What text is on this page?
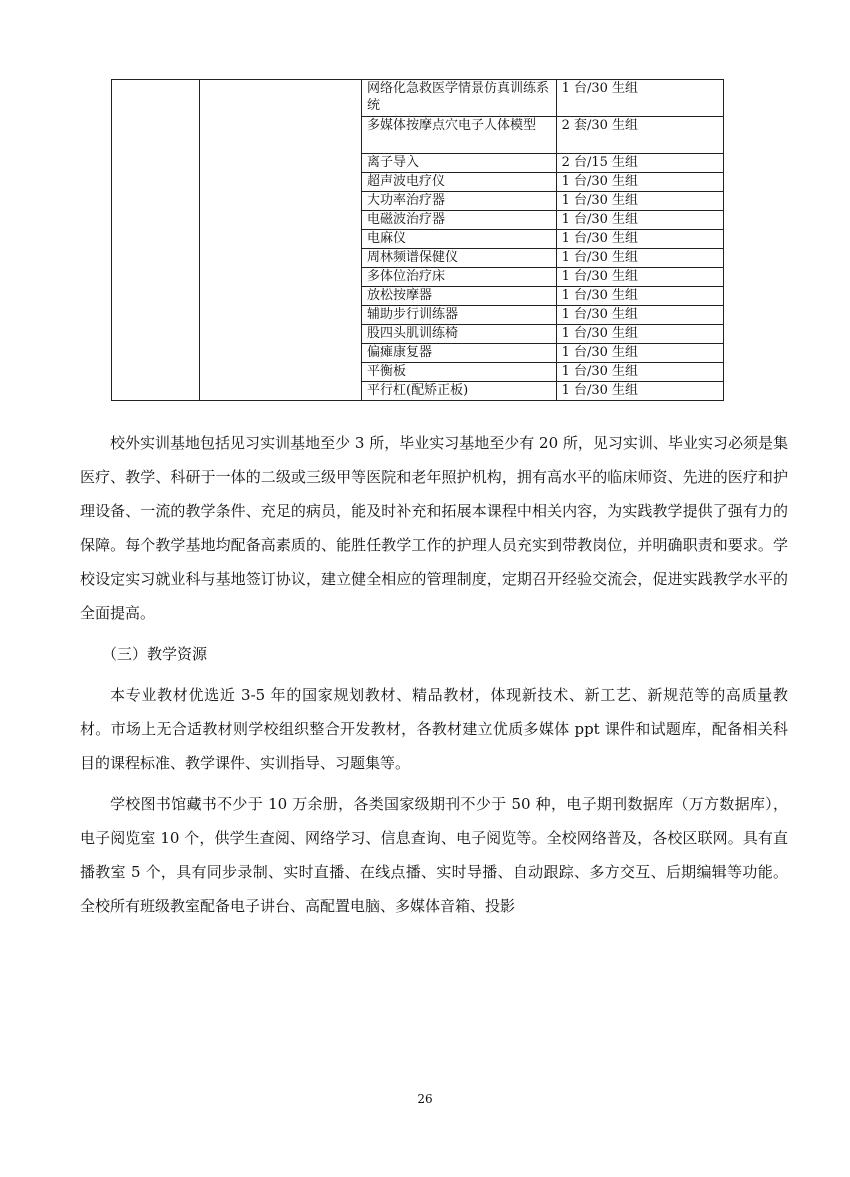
		网络化急救医学情景仿真训练系统	1 台/30 生组
		多媒体按摩点穴电子人体模型	2 套/30 生组
		离子导入	2 台/15 生组
		超声波电疗仪	1 台/30 生组
		大功率治疗器	1 台/30 生组
		电磁波治疗器	1 台/30 生组
		电麻仪	1 台/30 生组
		周林频谱保健仪	1 台/30 生组
		多体位治疗床	1 台/30 生组
		放松按摩器	1 台/30 生组
		辅助步行训练器	1 台/30 生组
		股四头肌训练椅	1 台/30 生组
		偏瘫康复器	1 台/30 生组
		平衡板	1 台/30 生组
		平行杠(配矫正板)	1 台/30 生组

校外实训基地包括见习实训基地至少 3 所，毕业实习基地至少有 20 所，见习实训、毕业实习必须是集医疗、教学、科研于一体的二级或三级甲等医院和老年照护机构，拥有高水平的临床师资、先进的医疗和护理设备、一流的教学条件、充足的病员，能及时补充和拓展本课程中相关内容，为实践教学提供了强有力的保障。每个教学基地均配备高素质的、能胜任教学工作的护理人员充实到带教岗位，并明确职责和要求。学校设定实习就业科与基地签订协议，建立健全相应的管理制度，定期召开经验交流会，促进实践教学水平的全面提高。

（三）教学资源

本专业教材优选近 3-5 年的国家规划教材、精品教材，体现新技术、新工艺、新规范等的高质量教材。市场上无合适教材则学校组织整合开发教材，各教材建立优质多媒体 ppt 课件和试题库，配备相关科目的课程标准、教学课件、实训指导、习题集等。

学校图书馆藏书不少于 10 万余册，各类国家级期刊不少于 50 种，电子期刊数据库（万方数据库），电子阅览室 10 个，供学生查阅、网络学习、信息查询、电子阅览等。全校网络普及，各校区联网。具有直播教室 5 个，具有同步录制、实时直播、在线点播、实时导播、自动跟踪、多方交互、后期编辑等功能。全校所有班级教室配备电子讲台、高配置电脑、多媒体音箱、投影

26
